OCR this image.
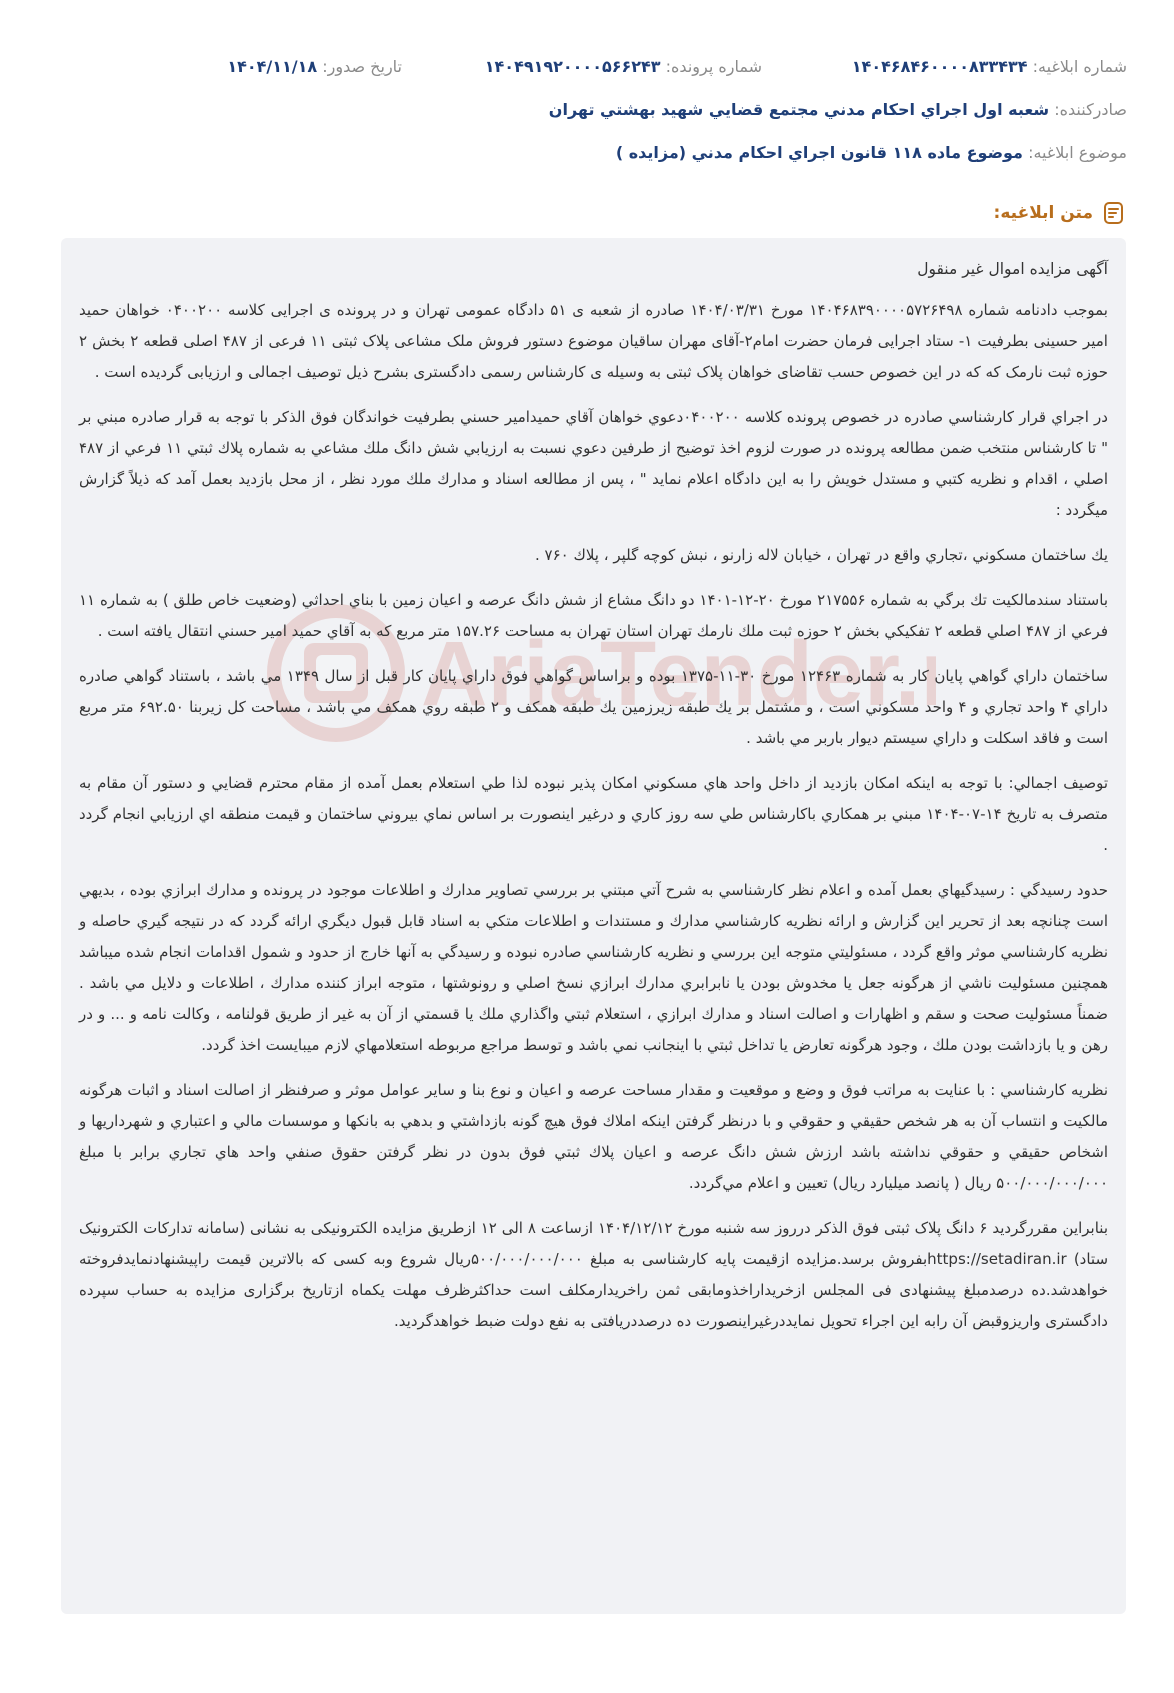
شماره ابلاغیه: ۱۴۰۴۶۸۴۶۰۰۰۰۸۳۳۴۳۴
شماره پرونده: ۱۴۰۴۹۱۹۲۰۰۰۰۵۶۶۲۴۳
تاریخ صدور: ۱۴۰۴/۱۱/۱۸
صادرکننده: شعبه اول اجراي احكام مدني مجتمع قضايي شهيد بهشتي تهران
موضوع ابلاغیه: موضوع ماده ۱۱۸ قانون اجراي احكام مدني (مزايده )
متن ابلاغیه:
AriaTender.
آگهی مزایده اموال غیر منقول

بموجب دادنامه شماره ۱۴۰۴۶۸۳۹۰۰۰۰۵۷۲۶۴۹۸ مورخ ۱۴۰۴/۰۳/۳۱ صادره از شعبه ی ۵۱ دادگاه عمومی تهران و در پرونده ی اجرایی کلاسه ۰۴۰۰۲۰۰ خواهان حمید امیر حسینی بطرفیت ۱- ستاد اجرایی فرمان حضرت امام۲-آقای مهران ساقیان موضوع دستور فروش ملک مشاعی پلاک ثبتی ۱۱ فرعی از ۴۸۷ اصلی قطعه ۲ بخش ۲ حوزه ثبت نارمک که که در این خصوص حسب تقاضای خواهان پلاک ثبتی به وسیله ی کارشناس رسمی دادگستری بشرح ذیل توصیف اجمالی و ارزیابی گردیده است .

در اجراي قرار كارشناسي صادره در خصوص پرونده كلاسه ۰۴۰۰۲۰۰دعوي خواهان آقاي حميدامير حسني بطرفيت خواندگان فوق الذكر با توجه به قرار صادره مبني بر " تا كارشناس منتخب ضمن مطالعه پرونده در صورت لزوم اخذ توضيح از طرفين دعوي نسبت به ارزيابي شش دانگ ملك مشاعي به شماره پلاك ثبتي ۱۱ فرعي از ۴۸۷ اصلي ، اقدام و نظريه كتبي و مستدل خويش را به اين دادگاه اعلام نمايد " ، پس از مطالعه اسناد و مدارك ملك مورد نظر ، از محل بازديد بعمل آمد كه ذيلاً گزارش ميگردد :

يك ساختمان مسكوني ،تجاري واقع در تهران ، خيابان لاله زارنو ، نبش كوچه گلپر ، پلاك ۷۶۰ .

باستناد سندمالكيت تك برگي به شماره ۲۱۷۵۵۶ مورخ ۲۰-۱۲-۱۴۰۱ دو دانگ مشاع از شش دانگ عرصه و اعيان زمين با بناي احداثي (وضعيت خاص طلق ) به شماره ۱۱ فرعي از ۴۸۷ اصلي قطعه ۲ تفكيكي بخش ۲ حوزه ثبت ملك نارمك تهران استان تهران به مساحت ۱۵۷.۲۶ متر مربع كه به آقاي حميد امير حسني انتقال يافته است .

ساختمان داراي گواهي پايان كار به شماره ۱۲۴۶۳ مورخ ۳۰-۱۱-۱۳۷۵ بوده و براساس گواهي فوق داراي پايان كار قبل از سال ۱۳۴۹ مي باشد ، باستناد گواهي صادره داراي ۴ واحد تجاري و ۴ واحد مسكوني است ، و مشتمل بر يك طبقه زيرزمين يك طبقه همكف و ۲ طبقه روي همكف مي باشد ، مساحت كل زيربنا ۶۹۲.۵۰ متر مربع است و فاقد اسكلت و داراي سيستم ديوار باربر مي باشد .

توصيف اجمالي: با توجه به اينكه امكان بازديد از داخل واحد هاي مسكوني امكان پذير نبوده لذا طي استعلام بعمل آمده از مقام محترم قضايي و دستور آن مقام به متصرف به تاريخ ۱۴-۰۷-۱۴۰۴ مبني بر همكاري باكارشناس طي سه روز كاري و درغير اينصورت بر اساس نماي بيروني ساختمان و قيمت منطقه اي ارزيابي انجام گردد .

حدود رسيدگي : رسيدگيهاي بعمل آمده و اعلام نظر كارشناسي به شرح آتي مبتني بر بررسي تصاوير مدارك و اطلاعات موجود در پرونده و مدارك ابرازي بوده ، بديهي است چنانچه بعد از تحرير اين گزارش و ارائه نظريه كارشناسي مدارك و مستندات و اطلاعات متكي به اسناد قابل قبول ديگري ارائه گردد كه در نتيجه گيري حاصله و نظريه كارشناسي موثر واقع گردد ، مسئوليتي متوجه اين بررسي و نظريه كارشناسي صادره نبوده و رسيدگي به آنها خارج از حدود و شمول اقدامات انجام شده ميباشد همچنين مسئوليت ناشي از هرگونه جعل يا مخدوش بودن يا نابرابري مدارك ابرازي نسخ اصلي و رونوشتها ، متوجه ابراز كننده مدارك ، اطلاعات و دلايل مي باشد . ضمناً مسئوليت صحت و سقم و اظهارات و اصالت اسناد و مدارك ابرازي ، استعلام ثبتي واگذاري ملك يا قسمتي از آن به غير از طريق قولنامه ، وكالت نامه و ... و در رهن و يا بازداشت بودن ملك ، وجود هرگونه تعارض يا تداخل ثبتي با اينجانب نمي باشد و توسط مراجع مربوطه استعلامهاي لازم ميبايست اخذ گردد.

نظريه كارشناسي : با عنايت به مراتب فوق و وضع و موقعيت و مقدار مساحت عرصه و اعيان و نوع بنا و ساير عوامل موثر و صرفنظر از اصالت اسناد و اثبات هرگونه مالكيت و انتساب آن به هر شخص حقيقي و حقوقي و با درنظر گرفتن اينكه املاك فوق هيچ گونه بازداشتي و بدهي به بانكها و موسسات مالي و اعتباري و شهرداريها و اشخاص حقيقي و حقوقي نداشته باشد ارزش شش دانگ عرصه و اعيان پلاك ثبتي فوق بدون در نظر گرفتن حقوق صنفي واحد هاي تجاري برابر با مبلغ ۵۰۰/۰۰۰/۰۰۰/۰۰۰ ريال ( پانصد ميليارد ريال) تعيين و اعلام مي‌گردد.

بنابراین مقررگردید ۶ دانگ پلاک ثبتی فوق الذکر درروز سه شنبه مورخ ۱۴۰۴/۱۲/۱۲ ازساعت ۸ الی ۱۲ ازطریق مزایده الکترونیکی به نشانی (سامانه تدارکات الکترونیک ستاد) https://setadiran.irبفروش برسد.مزایده ازقیمت پایه کارشناسی به مبلغ ۵۰۰/۰۰۰/۰۰۰/۰۰۰ریال شروع وبه کسی که بالاترین قیمت راپیشنهادنمایدفروخته خواهدشد.ده درصدمبلغ پیشنهادی فی المجلس ازخریداراخذومابقی ثمن راخریدارمکلف است حداکثرظرف مهلت یکماه ازتاریخ برگزاری مزایده به حساب سپرده دادگستری واریزوقبض آن رابه این اجراء تحویل نمایددرغیراینصورت ده درصددریافتی به نفع دولت ضبط خواهدگردید.
